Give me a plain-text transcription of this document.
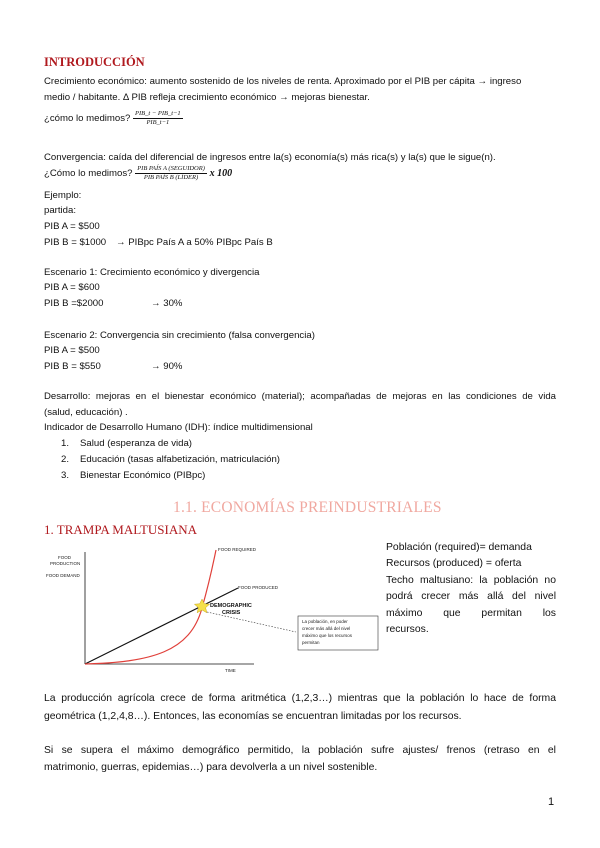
INTRODUCCIÓN
Crecimiento económico: aumento sostenido de los niveles de renta. Aproximado por el PIB per cápita → ingreso
medio / habitante. Δ PIB refleja crecimiento económico → mejoras bienestar.
¿cómo lo medimos? $\frac{\text{PIB\_t − PIB\_t−1}}{\text{PIB\_t−1}}$
Convergencia: caída del diferencial de ingresos entre la(s) economía(s) más rica(s) y la(s) que le sigue(n).
¿Cómo lo medimos? $\frac{\text{PIB PAÍS A (SEGUIDOR)}}{\text{PIB PAÍS B (LÍDER)}}$ x 100
Ejemplo:
partida:
PIB A = $500
PIB B = $1000 → PIBpc País A a 50% PIBpc País B
Escenario 1: Crecimiento económico y divergencia
PIB A = $600
PIB B =$2000	→ 30%
Escenario 2: Convergencia sin crecimiento (falsa convergencia)
PIB A = $500
PIB B = $550	→ 90%
Desarrollo: mejoras en el bienestar económico (material); acompañadas de mejoras en las condiciones de vida
(salud, educación) .
Indicador de Desarrollo Humano (IDH): índice multidimensional
1. Salud (esperanza de vida)
2. Educación (tasas alfabetización, matriculación)
3. Bienestar Económico (PIBpc)
1.1. ECONOMÍAS PREINDUSTRIALES
1. TRAMPA MALTUSIANA
FOOD
PRODUCTION
FOOD DEMAND
FOOD REQUIRED
FOOD PRODUCED
DEMOGRAPHIC
CRISIS
La población, en poder
crecer más allá del nivel
máximo que los recursos
permitan
TIME
Población (required)= demanda
Recursos (produced) = oferta
Techo maltusiano: la población no
podrá crecer más allá del nivel
máximo que permitan los
recursos.
La producción agrícola crece de forma aritmética (1,2,3…) mientras que la población lo hace de forma
geométrica (1,2,4,8…). Entonces, las economías se encuentran limitadas por los recursos.
Si se supera el máximo demográfico permitido, la población sufre ajustes/ frenos (retraso en el
matrimonio, guerras, epidemias…) para devolverla a un nivel sostenible.
1
